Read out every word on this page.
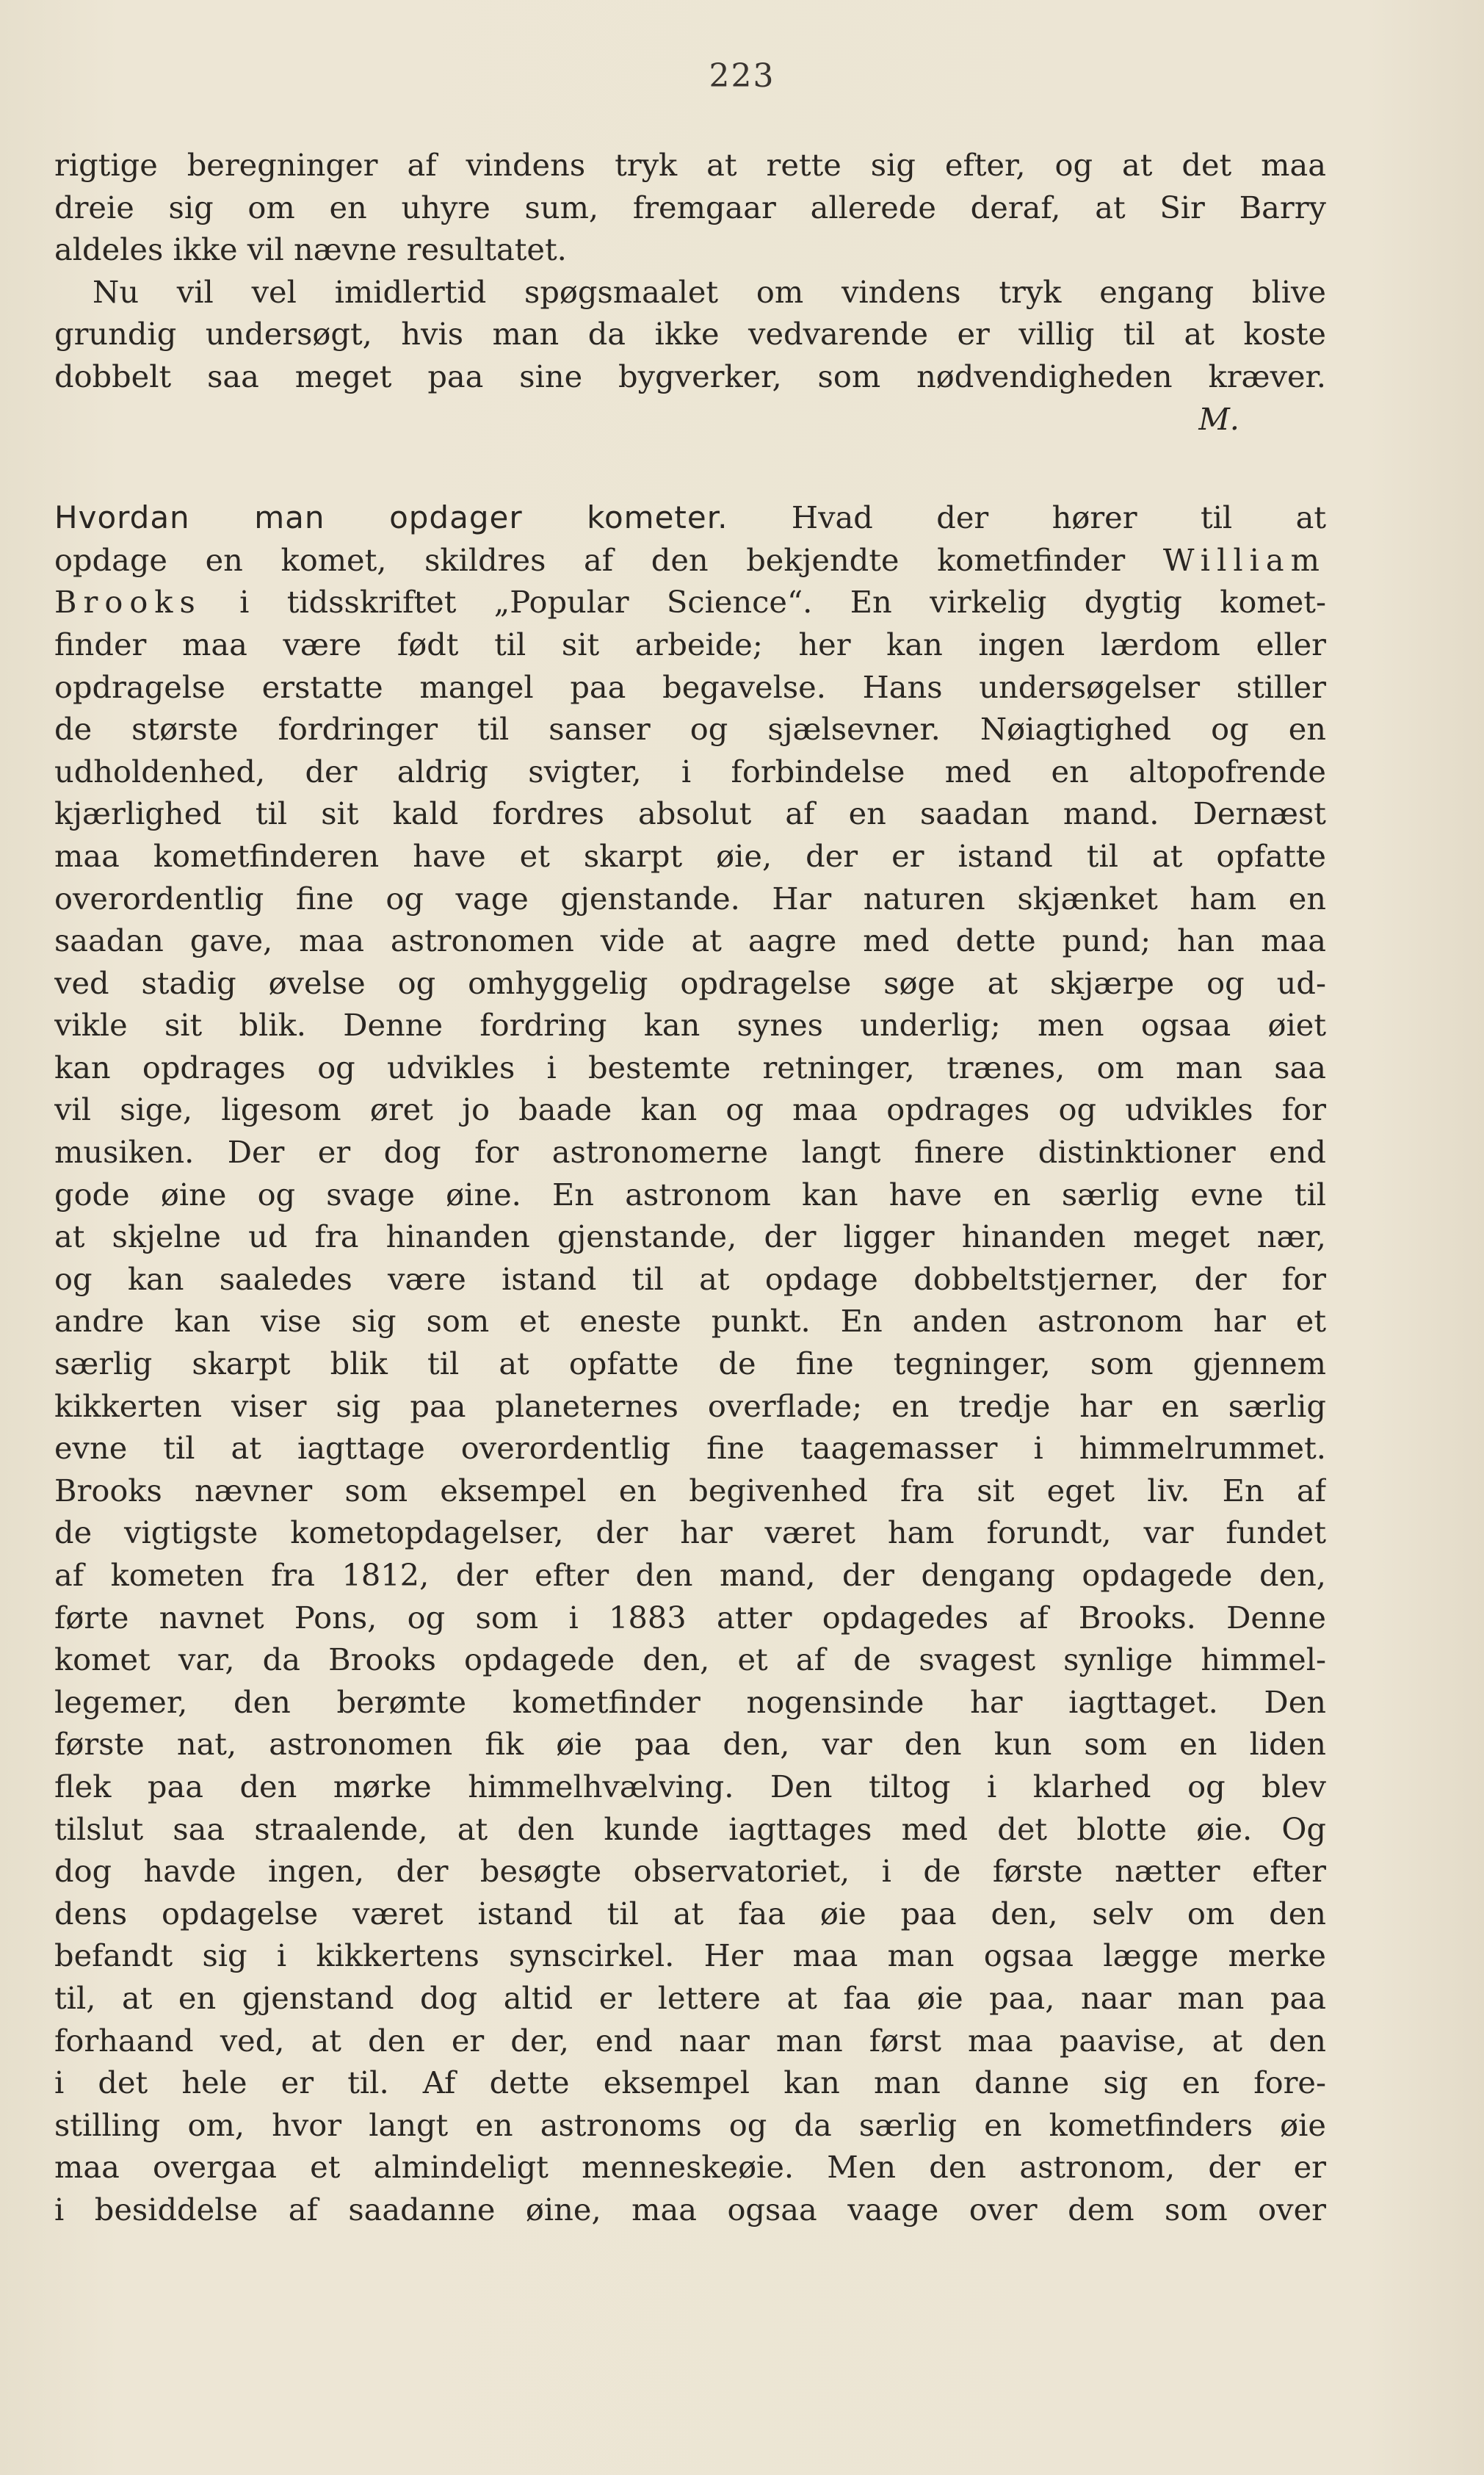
223
rigtige beregninger af vindens tryk at rette sig efter, og at det maa
dreie sig om en uhyre sum, fremgaar allerede deraf, at Sir Barry
aldeles ikke vil nævne resultatet.
Nu vil vel imidlertid spøgsmaalet om vindens tryk engang blive
grundig undersøgt, hvis man da ikke vedvarende er villig til at koste
dobbelt saa meget paa sine bygverker, som nødvendigheden kræver.
M.
Hvordan man opdager kometer. Hvad der hører til at
opdage en komet, skildres af den bekjendte kometfinder William
Brooks i tidsskriftet „Popular Science“. En virkelig dygtig komet-
finder maa være født til sit arbeide; her kan ingen lærdom eller
opdragelse erstatte mangel paa begavelse. Hans undersøgelser stiller
de største fordringer til sanser og sjælsevner. Nøiagtighed og en
udholdenhed, der aldrig svigter, i forbindelse med en altopofrende
kjærlighed til sit kald fordres absolut af en saadan mand. Dernæst
maa kometfinderen have et skarpt øie, der er istand til at opfatte
overordentlig fine og vage gjenstande. Har naturen skjænket ham en
saadan gave, maa astronomen vide at aagre med dette pund; han maa
ved stadig øvelse og omhyggelig opdragelse søge at skjærpe og ud-
vikle sit blik. Denne fordring kan synes underlig; men ogsaa øiet
kan opdrages og udvikles i bestemte retninger, trænes, om man saa
vil sige, ligesom øret jo baade kan og maa opdrages og udvikles for
musiken. Der er dog for astronomerne langt finere distinktioner end
gode øine og svage øine. En astronom kan have en særlig evne til
at skjelne ud fra hinanden gjenstande, der ligger hinanden meget nær,
og kan saaledes være istand til at opdage dobbeltstjerner, der for
andre kan vise sig som et eneste punkt. En anden astronom har et
særlig skarpt blik til at opfatte de fine tegninger, som gjennem
kikkerten viser sig paa planeternes overflade; en tredje har en særlig
evne til at iagttage overordentlig fine taagemasser i himmelrummet.
Brooks nævner som eksempel en begivenhed fra sit eget liv. En af
de vigtigste kometopdagelser, der har været ham forundt, var fundet
af kometen fra 1812, der efter den mand, der dengang opdagede den,
førte navnet Pons, og som i 1883 atter opdagedes af Brooks. Denne
komet var, da Brooks opdagede den, et af de svagest synlige himmel-
legemer, den berømte kometfinder nogensinde har iagttaget. Den
første nat, astronomen fik øie paa den, var den kun som en liden
flek paa den mørke himmelhvælving. Den tiltog i klarhed og blev
tilslut saa straalende, at den kunde iagttages med det blotte øie. Og
dog havde ingen, der besøgte observatoriet, i de første nætter efter
dens opdagelse været istand til at faa øie paa den, selv om den
befandt sig i kikkertens synscirkel. Her maa man ogsaa lægge merke
til, at en gjenstand dog altid er lettere at faa øie paa, naar man paa
forhaand ved, at den er der, end naar man først maa paavise, at den
i det hele er til. Af dette eksempel kan man danne sig en fore-
stilling om, hvor langt en astronoms og da særlig en kometfinders øie
maa overgaa et almindeligt menneskeøie. Men den astronom, der er
i besiddelse af saadanne øine, maa ogsaa vaage over dem som over
